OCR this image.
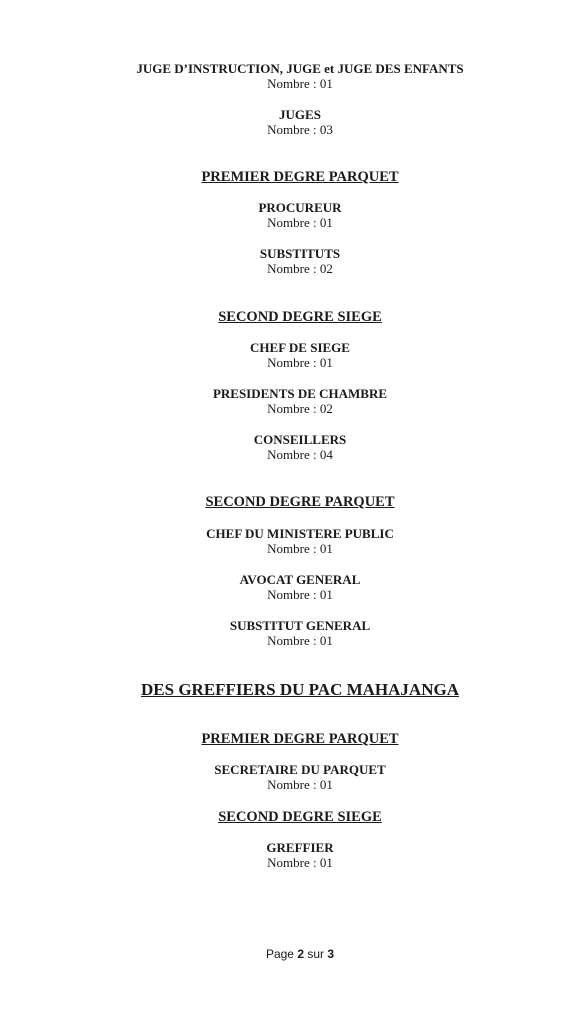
JUGE D’INSTRUCTION, JUGE et JUGE DES ENFANTS
Nombre : 01
JUGES
Nombre : 03
PREMIER DEGRE PARQUET
PROCUREUR
Nombre : 01
SUBSTITUTS
Nombre : 02
SECOND DEGRE SIEGE
CHEF DE SIEGE
Nombre : 01
PRESIDENTS DE CHAMBRE
Nombre : 02
CONSEILLERS
Nombre : 04
SECOND DEGRE PARQUET
CHEF DU MINISTERE PUBLIC
Nombre : 01
AVOCAT GENERAL
Nombre : 01
SUBSTITUT GENERAL
Nombre : 01
DES GREFFIERS DU PAC MAHAJANGA
PREMIER DEGRE PARQUET
SECRETAIRE DU PARQUET
Nombre : 01
SECOND DEGRE SIEGE
GREFFIER
Nombre : 01
Page 2 sur 3
